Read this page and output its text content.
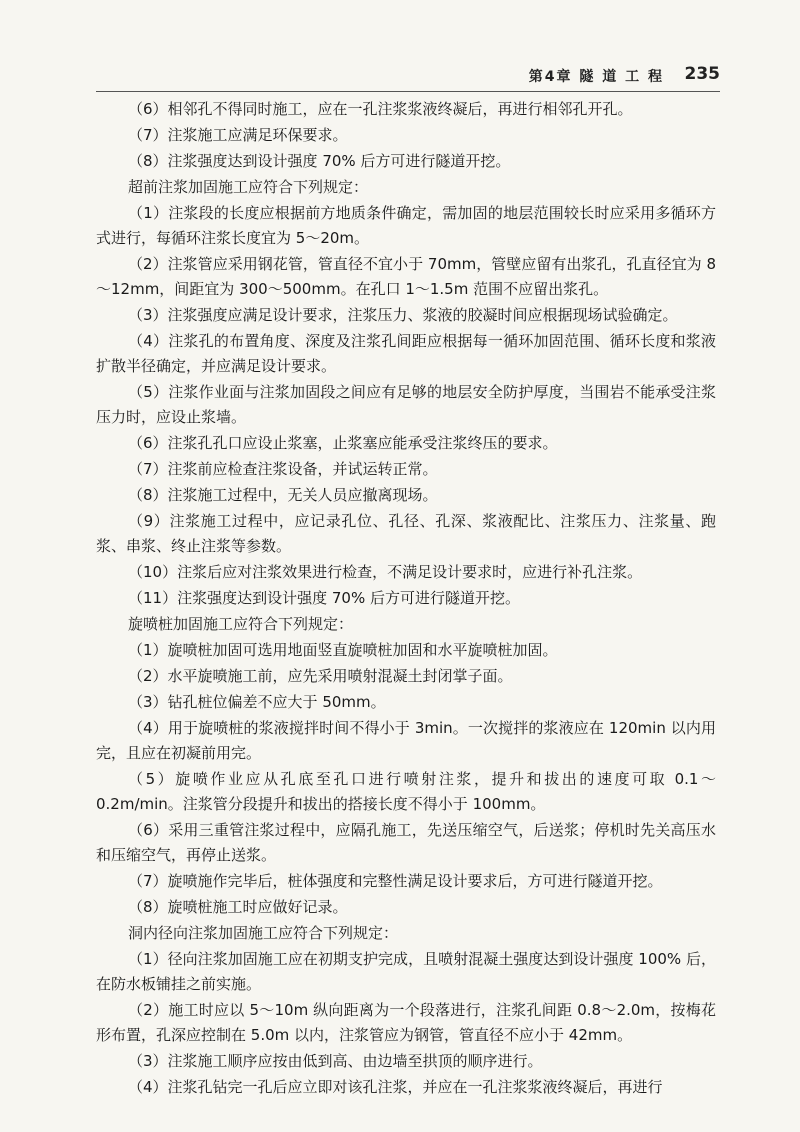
第4章 隧 道 工 程 235

（6）相邻孔不得同时施工，应在一孔注浆浆液终凝后，再进行相邻孔开孔。

（7）注浆施工应满足环保要求。

（8）注浆强度达到设计强度 70% 后方可进行隧道开挖。

超前注浆加固施工应符合下列规定：

（1）注浆段的长度应根据前方地质条件确定，需加固的地层范围较长时应采用多循环方式进行，每循环注浆长度宜为 5～20m。

（2）注浆管应采用钢花管，管直径不宜小于 70mm，管壁应留有出浆孔，孔直径宜为 8～12mm，间距宜为 300～500mm。在孔口 1～1.5m 范围不应留出浆孔。

（3）注浆强度应满足设计要求，注浆压力、浆液的胶凝时间应根据现场试验确定。

（4）注浆孔的布置角度、深度及注浆孔间距应根据每一循环加固范围、循环长度和浆液扩散半径确定，并应满足设计要求。

（5）注浆作业面与注浆加固段之间应有足够的地层安全防护厚度，当围岩不能承受注浆压力时，应设止浆墙。

（6）注浆孔孔口应设止浆塞，止浆塞应能承受注浆终压的要求。

（7）注浆前应检查注浆设备，并试运转正常。

（8）注浆施工过程中，无关人员应撤离现场。

（9）注浆施工过程中，应记录孔位、孔径、孔深、浆液配比、注浆压力、注浆量、跑浆、串浆、终止注浆等参数。

（10）注浆后应对注浆效果进行检查，不满足设计要求时，应进行补孔注浆。

（11）注浆强度达到设计强度 70% 后方可进行隧道开挖。

旋喷桩加固施工应符合下列规定：

（1）旋喷桩加固可选用地面竖直旋喷桩加固和水平旋喷桩加固。

（2）水平旋喷施工前，应先采用喷射混凝土封闭掌子面。

（3）钻孔桩位偏差不应大于 50mm。

（4）用于旋喷桩的浆液搅拌时间不得小于 3min。一次搅拌的浆液应在 120min 以内用完，且应在初凝前用完。

（5）旋喷作业应从孔底至孔口进行喷射注浆，提升和拔出的速度可取 0.1～0.2m/min。注浆管分段提升和拔出的搭接长度不得小于 100mm。

（6）采用三重管注浆过程中，应隔孔施工，先送压缩空气，后送浆；停机时先关高压水和压缩空气，再停止送浆。

（7）旋喷施作完毕后，桩体强度和完整性满足设计要求后，方可进行隧道开挖。

（8）旋喷桩施工时应做好记录。

洞内径向注浆加固施工应符合下列规定：

（1）径向注浆加固施工应在初期支护完成，且喷射混凝土强度达到设计强度 100% 后，在防水板铺挂之前实施。

（2）施工时应以 5～10m 纵向距离为一个段落进行，注浆孔间距 0.8～2.0m，按梅花形布置，孔深应控制在 5.0m 以内，注浆管应为钢管，管直径不应小于 42mm。

（3）注浆施工顺序应按由低到高、由边墙至拱顶的顺序进行。

（4）注浆孔钻完一孔后应立即对该孔注浆，并应在一孔注浆浆液终凝后，再进行
